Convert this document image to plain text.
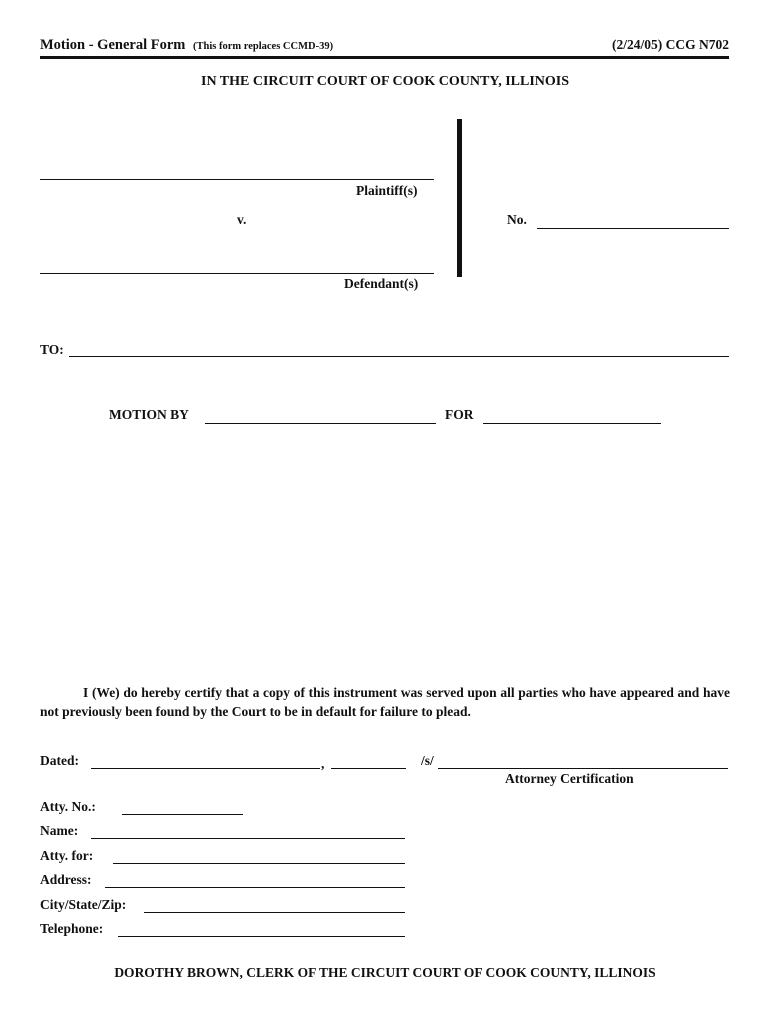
Motion - General Form (This form replaces CCMD-39)	(2/24/05) CCG N702
IN THE CIRCUIT COURT OF COOK COUNTY, ILLINOIS
Plaintiff(s)
v.
Defendant(s)
No.
TO:
MOTION BY	FOR
I (We) do hereby certify that a copy of this instrument was served upon all parties who have appeared and have not previously been found by the Court to be in default for failure to plead.
Dated:	,	/s/
Attorney Certification
Atty. No.:
Name:
Atty. for:
Address:
City/State/Zip:
Telephone:
DOROTHY BROWN, CLERK OF THE CIRCUIT COURT OF COOK COUNTY, ILLINOIS
